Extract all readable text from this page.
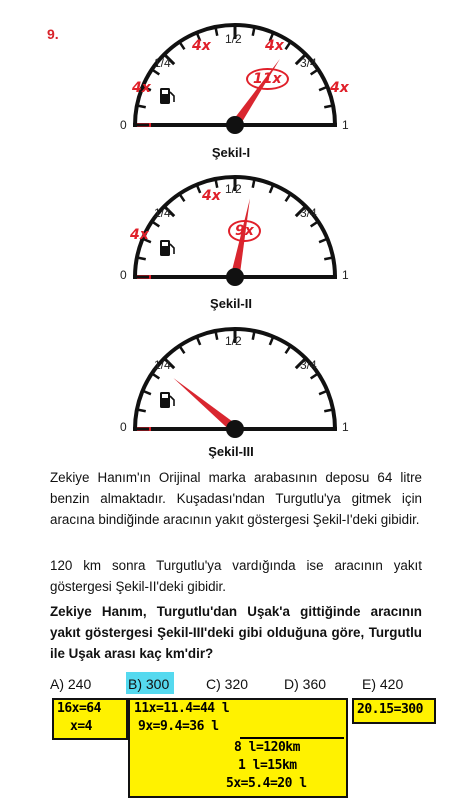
9.
1/4
1/2
3/4
0	1
4x
4x	4x
4x
11x
Şekil-I
1/4
1/2
3/4
0	1
4x
4x
9x
Şekil-II
1/4
1/2
3/4
0	1
Şekil-III
Zekiye Hanım'ın Orijinal marka arabasının deposu 64 litre benzin almaktadır. Kuşadası'ndan Turgutlu'ya gitmek için aracına bindiğinde aracının yakıt göstergesi Şekil-I'deki gibidir.
120 km sonra Turgutlu'ya vardığında ise aracının yakıt göstergesi Şekil-II'deki gibidir.
Zekiye Hanım, Turgutlu'dan Uşak'a gittiğinde aracının yakıt göstergesi Şekil-III'deki gibi olduğuna göre, Turgutlu ile Uşak arası kaç km'dir?
A) 240	B) 300	C) 320	D) 360	E) 420
16x=64
x=4
11x=11.4=44 l
9x=9.4=36 l
8 l=120km
1 l=15km
5x=5.4=20 l
20.15=300
